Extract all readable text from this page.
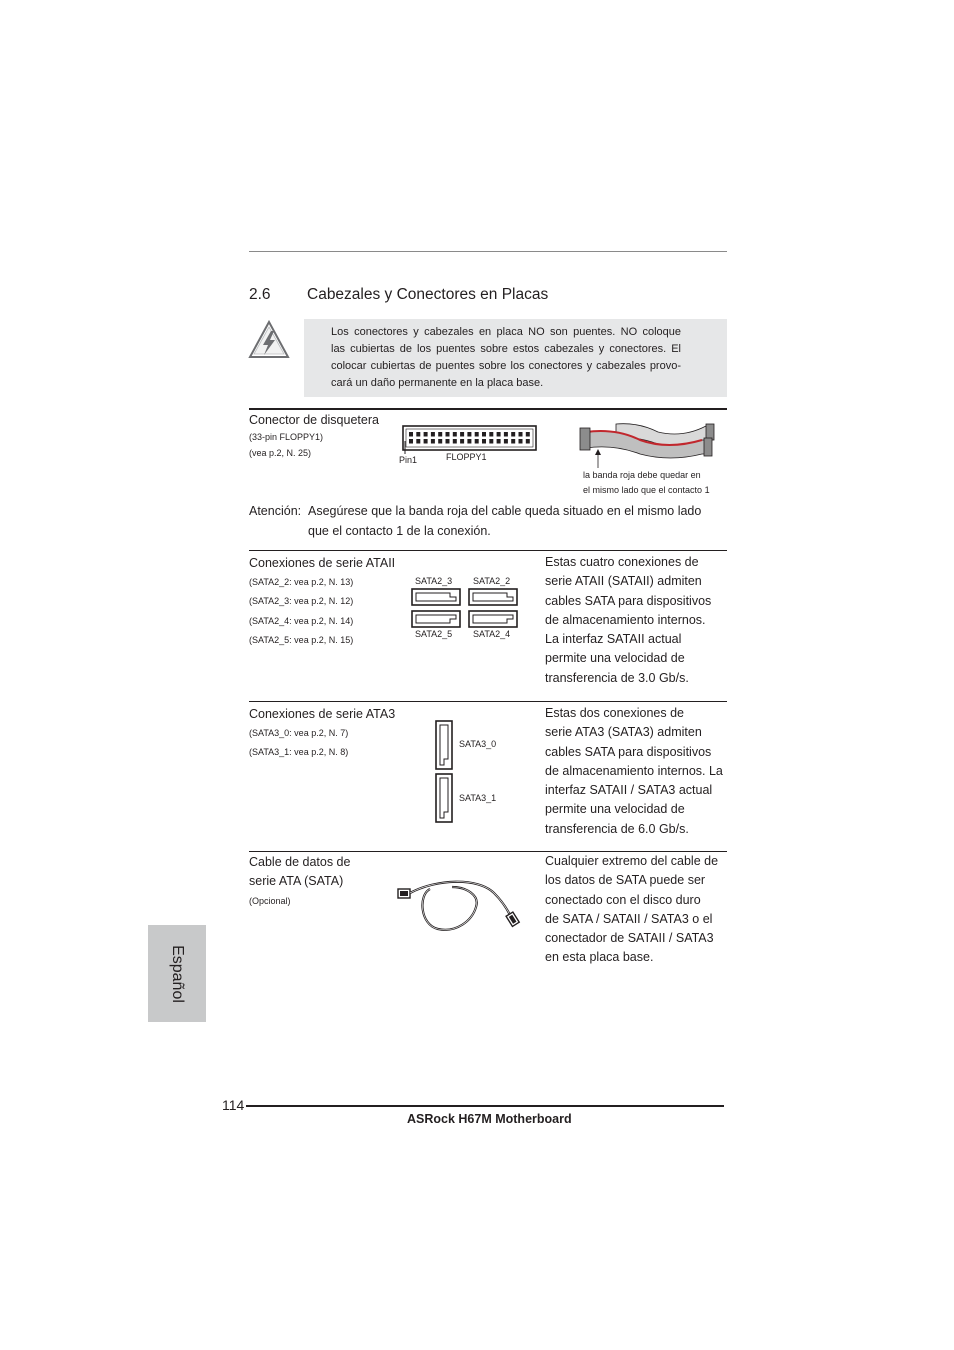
2.6 Cabezales y Conectores en Placas
Los conectores y cabezales en placa NO son puentes. NO coloque
las cubiertas de los puentes sobre estos cabezales y conectores. El
colocar cubiertas de puentes sobre los conectores y cabezales provo-
cará un daño permanente en la placa base.
Conector de disquetera
(33-pin FLOPPY1)
(vea p.2, N. 25)
Pin1	FLOPPY1
la banda roja debe quedar en
el mismo lado que el contacto 1
Atención: Asegúrese que la banda roja del cable queda situado en el mismo lado
que el contacto 1 de la conexión.
Conexiones de serie ATAII
(SATA2_2: vea p.2, N. 13)
(SATA2_3: vea p.2, N. 12)
(SATA2_4: vea p.2, N. 14)
(SATA2_5: vea p.2, N. 15)
SATA2_3 SATA2_2
SATA2_5 SATA2_4
Estas cuatro conexiones de
serie ATAII (SATAII) admiten
cables SATA para dispositivos
de almacenamiento internos.
La interfaz SATAII actual
permite una velocidad de
transferencia de 3.0 Gb/s.
Conexiones de serie ATA3
(SATA3_0: vea p.2, N. 7)
(SATA3_1: vea p.2, N. 8)
SATA3_0
SATA3_1
Estas dos conexiones de
serie ATA3 (SATA3) admiten
cables SATA para dispositivos
de almacenamiento internos. La
interfaz SATAII / SATA3 actual
permite una velocidad de
transferencia de 6.0 Gb/s.
Cable de datos de
serie ATA (SATA)
(Opcional)
Cualquier extremo del cable de
los datos de SATA puede ser
conectado con el disco duro
de SATA / SATAII / SATA3 o el
conectador de SATAII / SATA3
en esta placa base.
Español
114
ASRock H67M Motherboard
